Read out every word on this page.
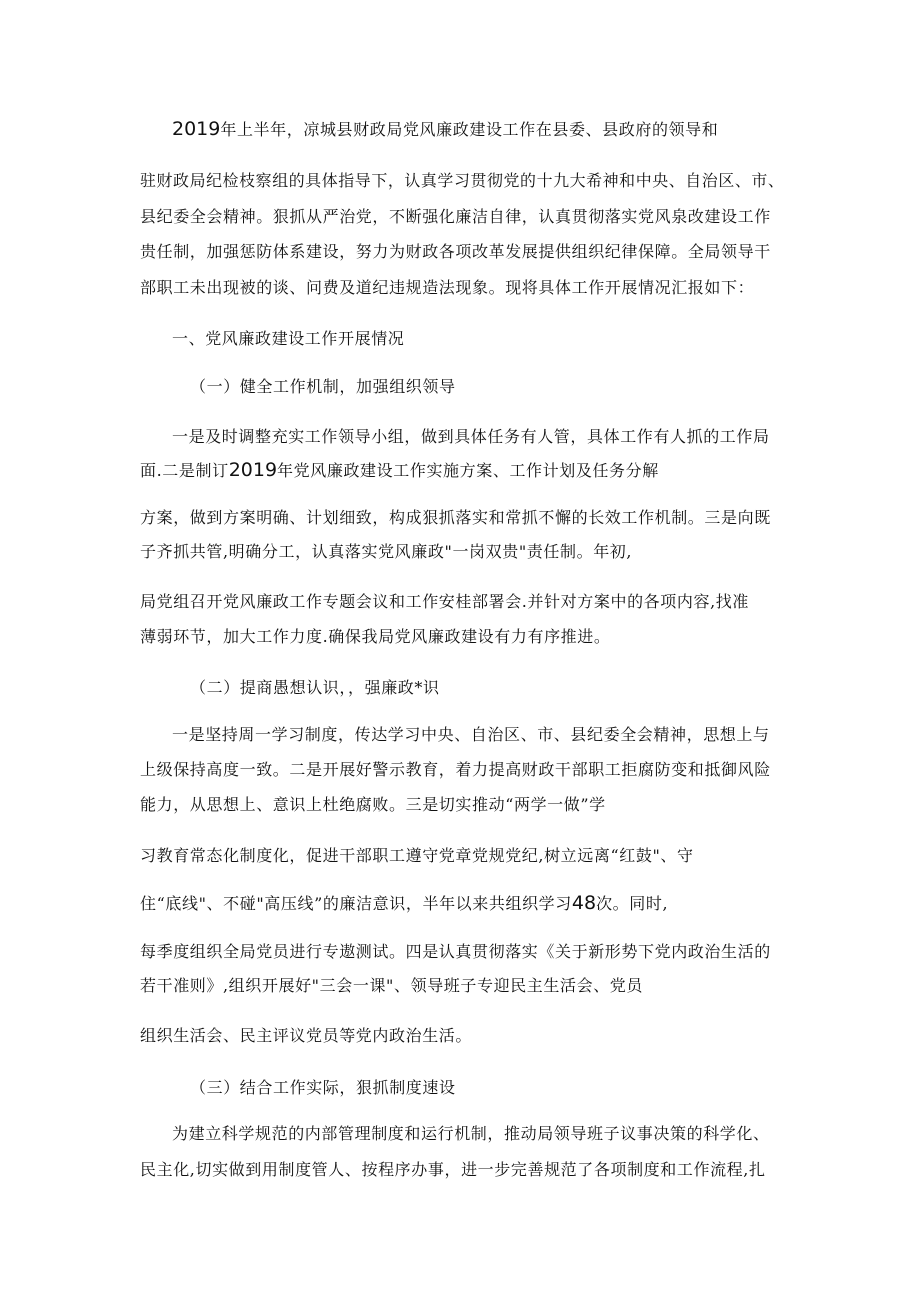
2019年上半年，凉城县财政局党风廉政建设工作在县委、县政府的领导和
驻财政局纪检枝察组的具体指导下，认真学习贯彻党的十九大希神和中央、自治区、市、
县纪委全会精神。狠抓从严治党，不断强化廉洁自律，认真贯彻落实党风泉改建设工作
贵任制，加强惩防体系建设，努力为财政各项改革发展提供组织纪律保障。全局领导干
部职工未出现被的谈、问费及道纪违规造法现象。现将具体工作开展情况汇报如下：
一、党风廉政建设工作开展情况
（一）健全工作机制，加强组织领导
一是及时调整充实工作领导小组，做到具体任务有人管，具体工作有人抓的工作局
面.二是制订2019年党风廉政建设工作实施方案、工作计划及任务分解
方案，做到方案明确、计划细致，构成狠抓落实和常抓不懈的长效工作机制。三是向既
子齐抓共管,明确分工，认真落实党风廉政"一岗双贵"责任制。年初,
局党组召开党风廉政工作专题会议和工作安桂部署会.并针对方案中的各项内容,找准
薄弱环节，加大工作力度.确保我局党风廉政建设有力有序推进。
（二）提商愚想认识，，强廉政*识
一是坚持周一学习制度，传达学习中央、自治区、市、县纪委全会精神，思想上与
上级保持高度一致。二是开展好警示教育，着力提高财政干部职工拒腐防变和抵御风险
能力，从思想上、意识上杜绝腐败。三是切实推动“两学一做”学
习教育常态化制度化，促进干部职工遵守党章党规党纪,树立远离“红鼓"、守
住“底线"、不碰"高压线”的廉洁意识，半年以来共组织学习48次。同时,
每季度组织全局党员进行专遨测试。四是认真贯彻落实《关于新形势下党内政治生活的
若干准则》,组织开展好"三会一课"、领导班子专迎民主生活会、党员
组织生活会、民主评议党员等党内政治生活。
（三）结合工作实际，狠抓制度速设
为建立科学规范的内部管理制度和运行机制，推动局领导班子议事决策的科学化、
民主化,切实做到用制度管人、按程序办事，进一步完善规范了各项制度和工作流程,扎
